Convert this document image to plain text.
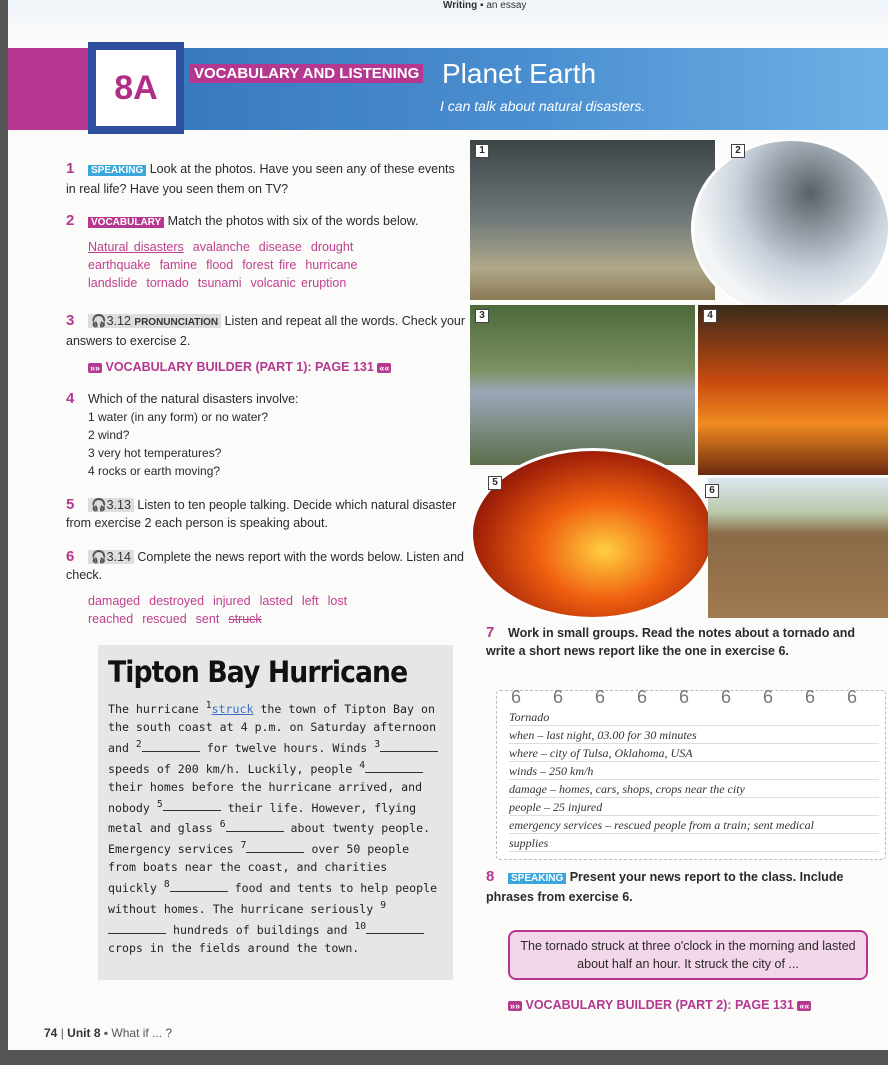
Writing ▪ an essay
8A	VOCABULARY AND LISTENING Planet Earth
I can talk about natural disasters.
1 SPEAKING Look at the photos. Have you seen any of these events in real life? Have you seen them on TV?
2 VOCABULARY Match the photos with six of the words below.
Natural disasters avalanche disease drought
earthquake famine flood forest fire hurricane
landslide tornado tsunami volcanic eruption
3 🎧3.12 PRONUNCIATION Listen and repeat all the words. Check your answers to exercise 2.
»» VOCABULARY BUILDER (PART 1): PAGE 131 ««
4 Which of the natural disasters involve:
1 water (in any form) or no water?
2 wind?
3 very hot temperatures?
4 rocks or earth moving?
5 🎧3.13 Listen to ten people talking. Decide which natural disaster from exercise 2 each person is speaking about.
6 🎧3.14 Complete the news report with the words below. Listen and check.
damaged destroyed injured lasted left lost
reached rescued sent struck
1	2
3	4
5
6
Tipton Bay Hurricane

The hurricane $^1$struck the town of Tipton Bay on the south coast at 4 p.m. on Saturday afternoon and $^2$	for twelve hours. Winds $^3$ speeds of 200 km/h. Luckily, people $^4$ their homes before the hurricane arrived, and nobody $^5$	their life. However, flying metal and glass $^6$	about twenty people. Emergency services $^7$	over 50 people from boats near the coast, and charities quickly $^8$	food and tents to help people without homes. The hurricane seriously $^9$ hundreds of buildings and $^{10}$ crops in the fields around the town.

7 Work in small groups. Read the notes about a tornado and write a short news report like the one in exercise 6.
6 6 6 6 6 6 6 6 6
Tornado
when – last night, 03.00 for 30 minutes
where – city of Tulsa, Oklahoma, USA
winds – 250 km/h
damage – homes, cars, shops, crops near the city
people – 25 injured
emergency services – rescued people from a train; sent medical
supplies
8 SPEAKING Present your news report to the class. Include phrases from exercise 6.
The tornado struck at three o'clock in the morning and lasted about half an hour. It struck the city of ...
»» VOCABULARY BUILDER (PART 2): PAGE 131 ««
74 | Unit 8 ▪ What if ... ?
